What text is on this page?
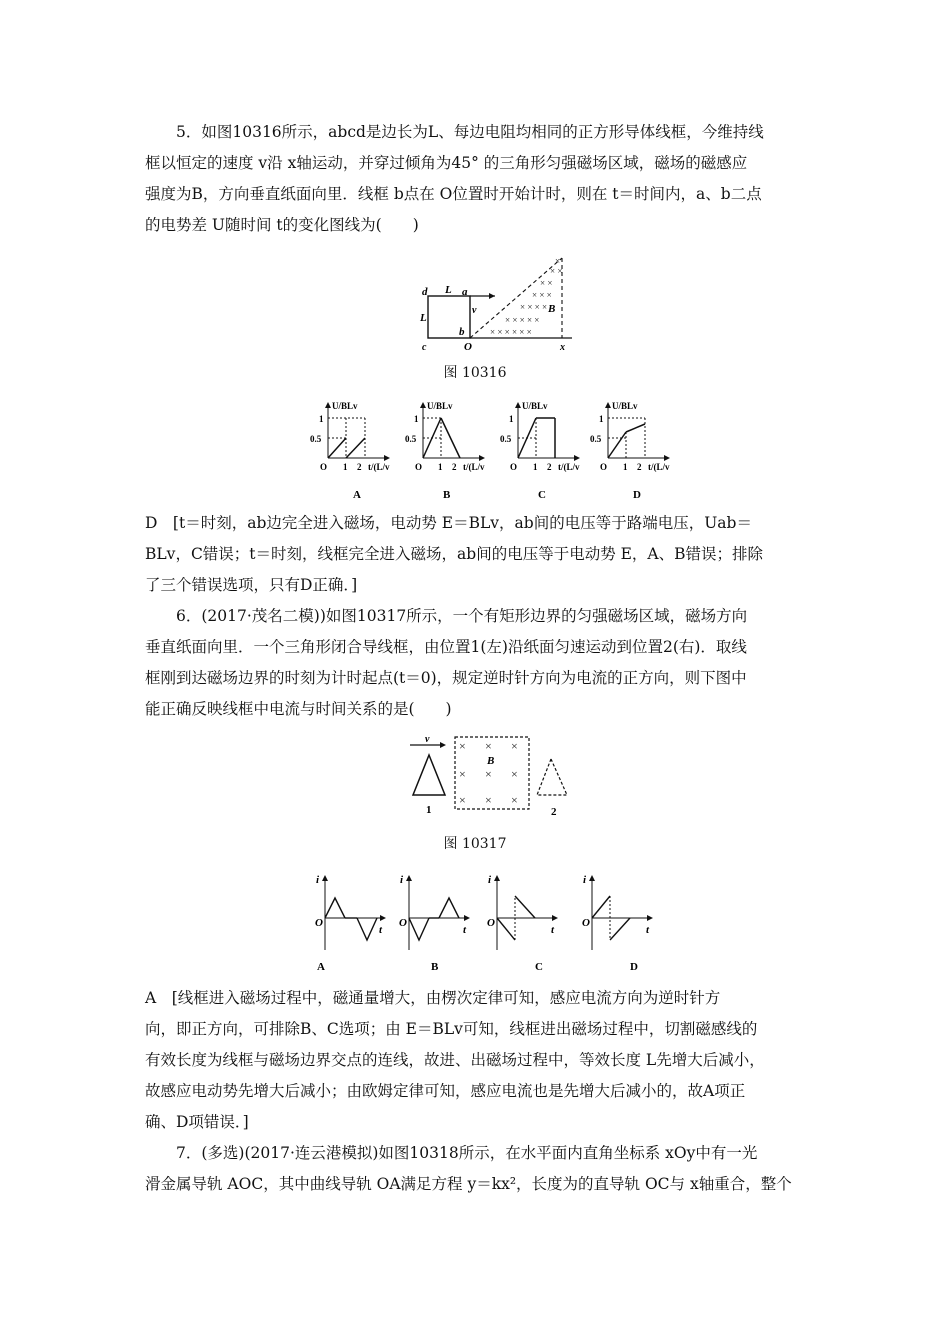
　　5．如图10316所示，abcd是边长为L、每边电阻均相同的正方形导体线框，今维持线

框以恒定的速度 v沿 x轴运动，并穿过倾角为45° 的三角形匀强磁场区域，磁场的磁感应

强度为B，方向垂直纸面向里．线框 b点在 O位置时开始计时，则在 t＝时间内，a、b二点

的电势差 U随时间 t的变化图线为(　　)

× × × × × ×
× × × × ×
× × × ×
× × ×
× ×
× ×
×
d L a
L
v
b
c	O	x
B
图 10316
U/BLv
1
0.5
O 1 2 t/(L/v
A
U/BLv
1
0.5
O 1 2 t/(L/v
B
U/BLv
1
0.5
O 1 2 t/(L/v
C
U/BLv
1
0.5
O 1 2 t/(L/v
D

D　[t＝时刻，ab边完全进入磁场，电动势 E＝BLv，ab间的电压等于路端电压，Uab＝

BLv，C错误；t＝时刻，线框完全进入磁场，ab间的电压等于电动势 E，A、B错误；排除

了三个错误选项，只有D正确．]

　　6．(2017·茂名二模))如图10317所示，一个有矩形边界的匀强磁场区域，磁场方向

垂直纸面向里．一个三角形闭合导线框，由位置1(左)沿纸面匀速运动到位置2(右)．取线

框刚到达磁场边界的时刻为计时起点(t＝0)，规定逆时针方向为电流的正方向，则下图中

能正确反映线框中电流与时间关系的是(　　)

v
1
× × ×
× × ×
× × ×
B
2
图 10317
i
O
t
A
i
O
t
B
i
O
t
C
i
O
t
D

A　[线框进入磁场过程中，磁通量增大，由楞次定律可知，感应电流方向为逆时针方

向，即正方向，可排除B、C选项；由 E＝BLv可知，线框进出磁场过程中，切割磁感线的

有效长度为线框与磁场边界交点的连线，故进、出磁场过程中，等效长度 L先增大后减小，

故感应电动势先增大后减小；由欧姆定律可知，感应电流也是先增大后减小的，故A项正

确、D项错误．]

　　7．(多选)(2017·连云港模拟)如图10318所示，在水平面内直角坐标系 xOy中有一光

滑金属导轨 AOC，其中曲线导轨 OA满足方程 y＝kx²，长度为的直导轨 OC与 x轴重合，整个
